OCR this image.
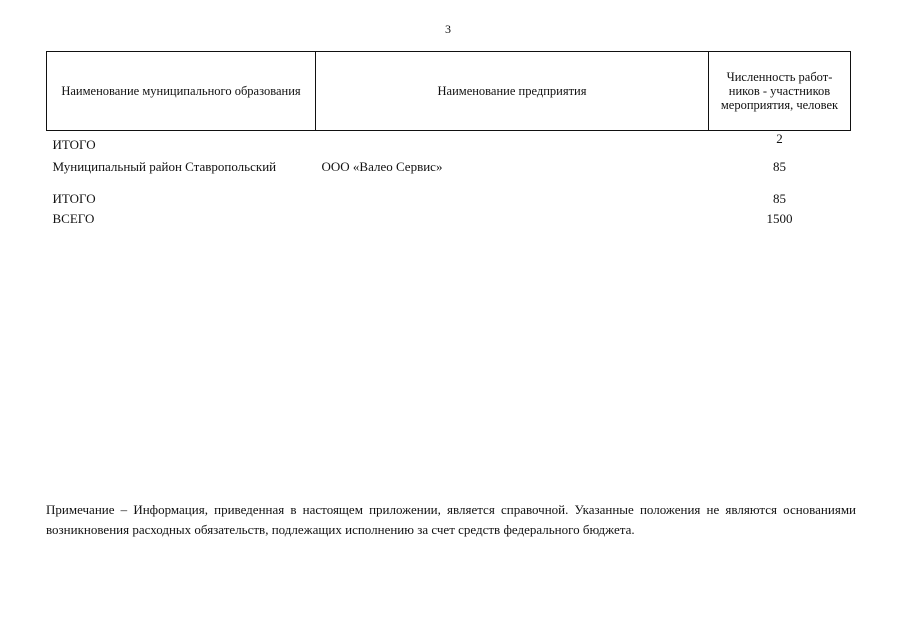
3
Наименование муниципального образования	Наименование предприятия	Численность работ-ников - участников мероприятия, человек
ИТОГО		2
Муниципальный район Ставропольский	ООО «Валео Сервис»	85
ИТОГО		85
ВСЕГО		1500

Примечание – Информация, приведенная в настоящем приложении, является справочной. Указанные положения не являются основаниями возникновения расходных обязательств, подлежащих исполнению за счет средств федерального бюджета.
